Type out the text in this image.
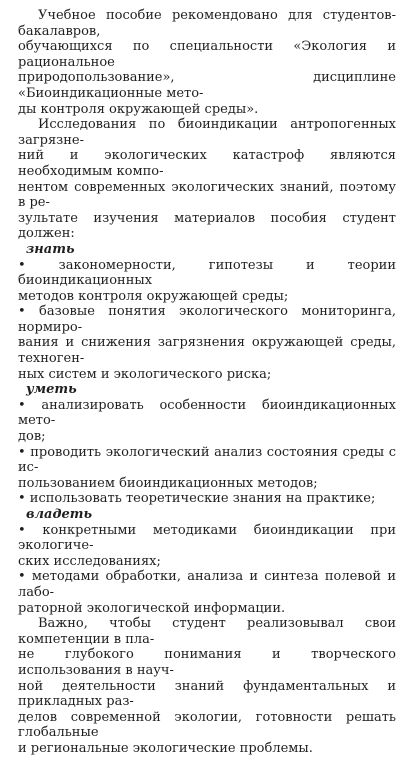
Учебное пособие рекомендовано для студентов-бакалавров,
обучающихся по специальности «Экология и рациональное
природопользование», дисциплине «Биоиндикационные мето-
ды контроля окружающей среды».

Исследования по биоиндикации антропогенных загрязне-
ний и экологических катастроф являются необходимым компо-
нентом современных экологических знаний, поэтому в ре-
зультате изучения материалов пособия студент должен:

знать

• закономерности, гипотезы и теории биоиндикационных
методов контроля окружающей среды;

• базовые понятия экологического мониторинга, нормиро-
вания и снижения загрязнения окружающей среды, техноген-
ных систем и экологического риска;

уметь

• анализировать особенности биоиндикационных мето-
дов;

• проводить экологический анализ состояния среды с ис-
пользованием биоиндикационных методов;

• использовать теоретические знания на практике;

владеть

• конкретными методиками биоиндикации при экологиче-
ских исследованиях;

• методами обработки, анализа и синтеза полевой и лабо-
раторной экологической информации.

Важно, чтобы студент реализовывал свои компетенции в пла-
не глубокого понимания и творческого использования в науч-
ной деятельности знаний фундаментальных и прикладных раз-
делов современной экологии, готовности решать глобальные
и региональные экологические проблемы.
